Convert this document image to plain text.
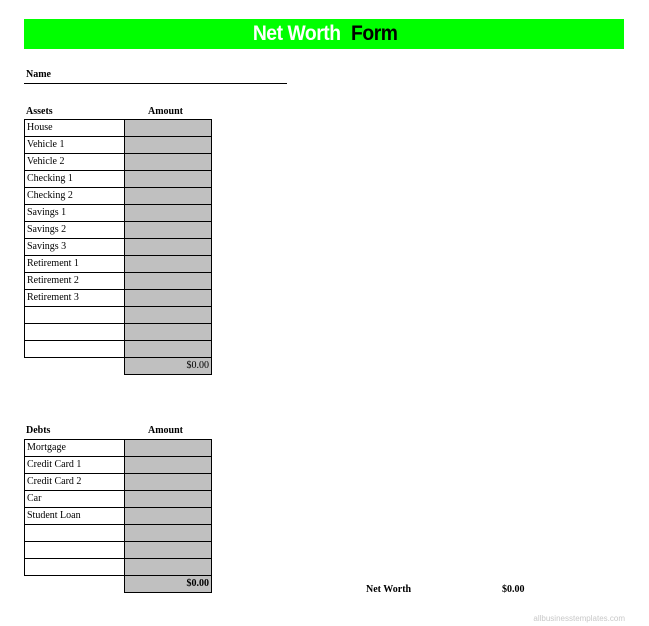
Net Worth Form
Name
Assets	Amount
House	
Vehicle 1	
Vehicle 2	
Checking 1	
Checking 2	
Savings 1	
Savings 2	
Savings 3	
Retirement 1	
Retirement 2	
Retirement 3	

	$0.00
Debts	Amount
Mortgage	
Credit Card 1	
Credit Card 2	
Car	
Student Loan	

	$0.00
Net Worth	$0.00
allbusinesstemplates.com
